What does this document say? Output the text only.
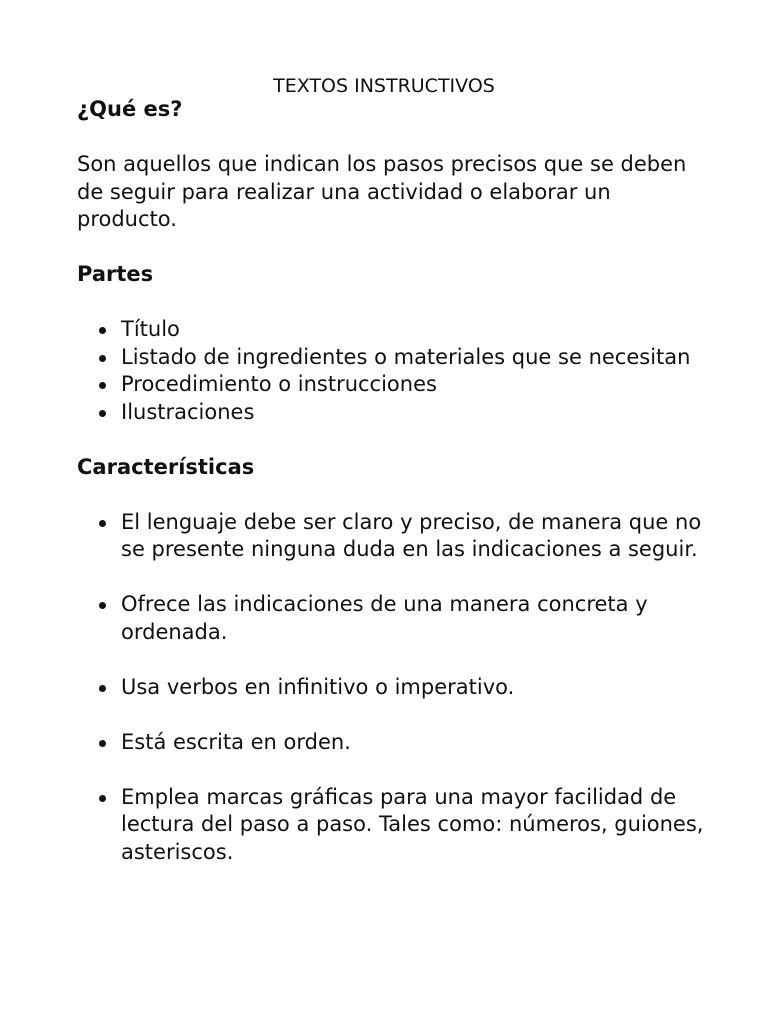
TEXTOS INSTRUCTIVOS
¿Qué es?

Son aquellos que indican los pasos precisos que se deben de seguir para realizar una actividad o elaborar un producto.

Partes
Título
Listado de ingredientes o materiales que se necesitan
Procedimiento o instrucciones
Ilustraciones
Características
El lenguaje debe ser claro y preciso, de manera que no se presente ninguna duda en las indicaciones a seguir.
Ofrece las indicaciones de una manera concreta y ordenada.
Usa verbos en infinitivo o imperativo.
Está escrita en orden.
Emplea marcas gráficas para una mayor facilidad de lectura del paso a paso. Tales como: números, guiones, asteriscos.
